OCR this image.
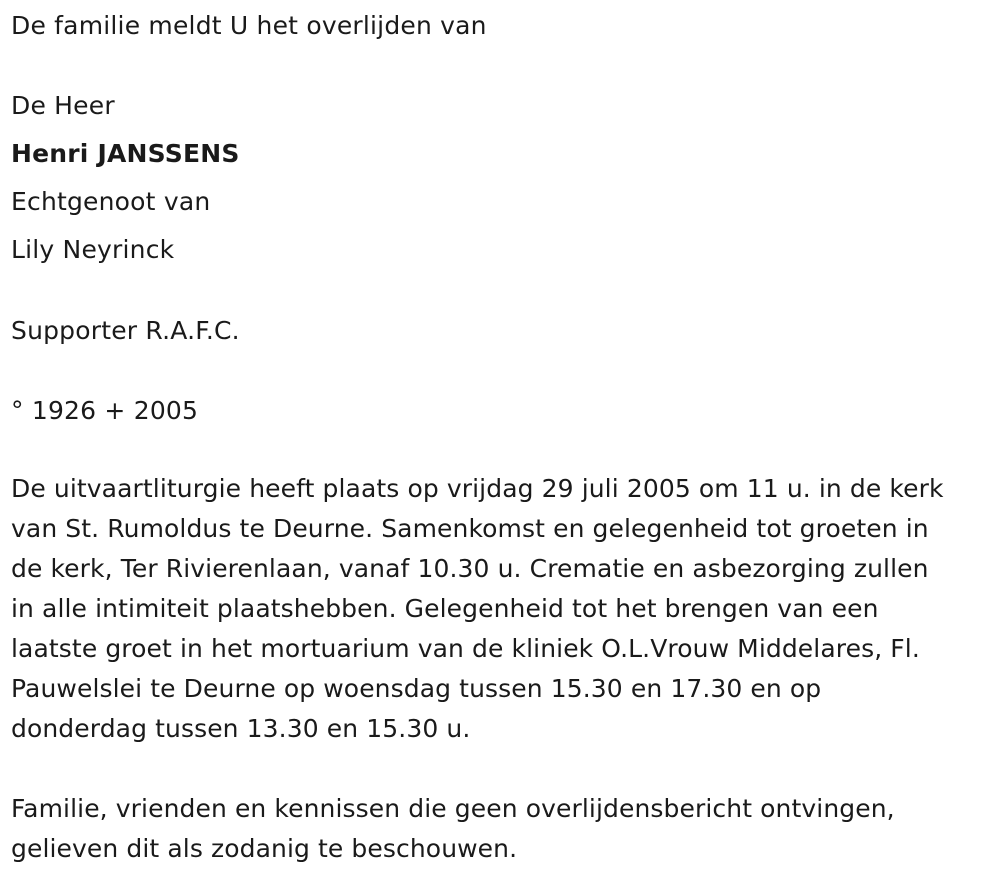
De familie meldt U het overlijden van
De Heer
Henri JANSSENS
Echtgenoot van
Lily Neyrinck
Supporter R.A.F.C.
° 1926 + 2005
De uitvaartliturgie heeft plaats op vrijdag 29 juli 2005 om 11 u. in de kerk
van St. Rumoldus te Deurne. Samenkomst en gelegenheid tot groeten in
de kerk, Ter Rivierenlaan, vanaf 10.30 u. Crematie en asbezorging zullen
in alle intimiteit plaatshebben. Gelegenheid tot het brengen van een
laatste groet in het mortuarium van de kliniek O.L.Vrouw Middelares, Fl.
Pauwelslei te Deurne op woensdag tussen 15.30 en 17.30 en op
donderdag tussen 13.30 en 15.30 u.
Familie, vrienden en kennissen die geen overlijdensbericht ontvingen,
gelieven dit als zodanig te beschouwen.
